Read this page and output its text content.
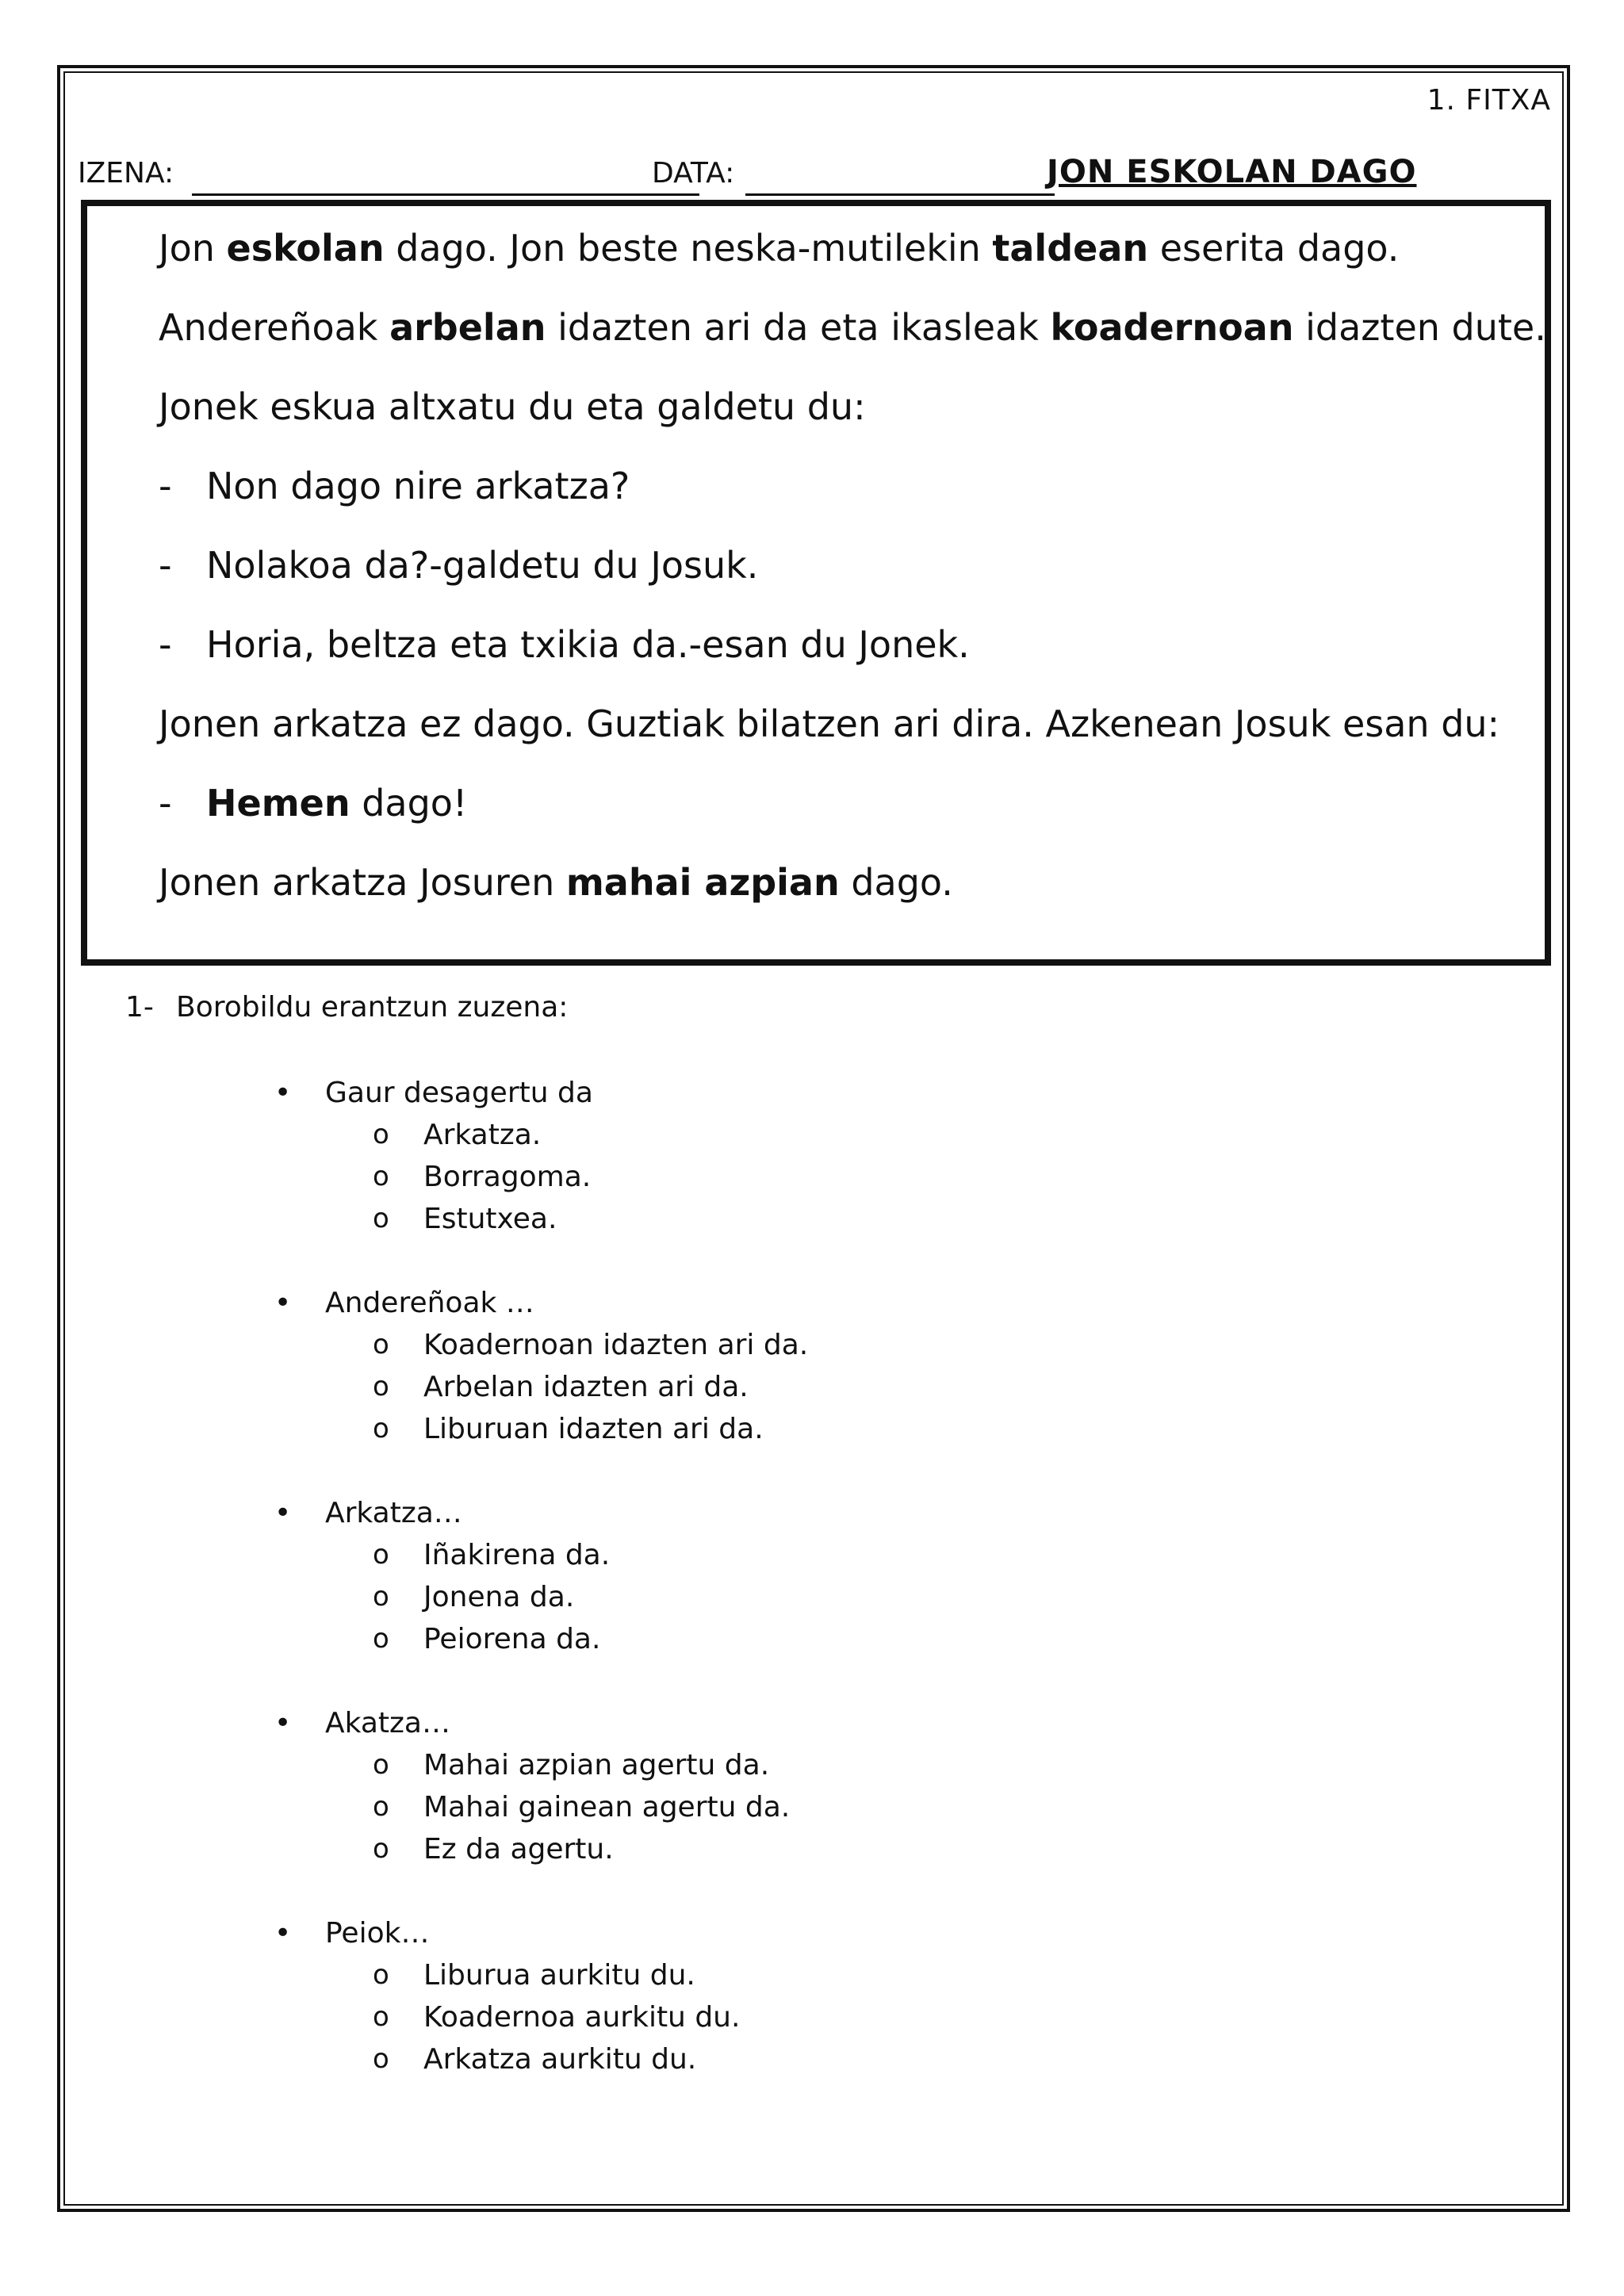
1. FITXA
IZENA:	DATA:	JON ESKOLAN DAGO
Jon eskolan dago. Jon beste neska-mutilekin taldean eserita dago.
Andereñoak arbelan idazten ari da eta ikasleak koadernoan idazten dute.
Jonek eskua altxatu du eta galdetu du:
- Non dago nire arkatza?
- Nolakoa da?-galdetu du Josuk.
- Horia, beltza eta txikia da.-esan du Jonek.
Jonen arkatza ez dago. Guztiak bilatzen ari dira. Azkenean Josuk esan du:
- Hemen dago!
Jonen arkatza Josuren mahai azpian dago.
1- Borobildu erantzun zuzena:
• Gaur desagertu da
o Arkatza.
o Borragoma.
o Estutxea.
• Andereñoak …
o Koadernoan idazten ari da.
o Arbelan idazten ari da.
o Liburuan idazten ari da.
• Arkatza…
o Iñakirena da.
o Jonena da.
o Peiorena da.
• Akatza…
o Mahai azpian agertu da.
o Mahai gainean agertu da.
o Ez da agertu.
• Peiok…
o Liburua aurkitu du.
o Koadernoa aurkitu du.
o Arkatza aurkitu du.
